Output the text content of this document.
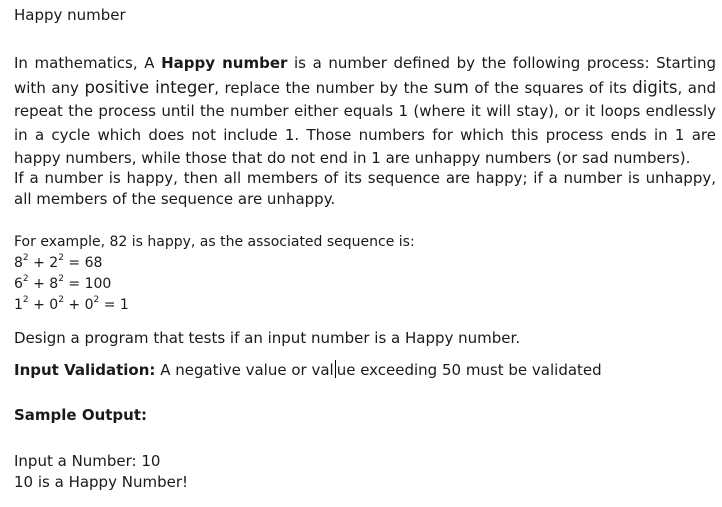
Happy number

In mathematics, A Happy number is a number defined by the following process: Starting with any positive integer, replace the number by the sum of the squares of its digits, and repeat the process until the number either equals 1 (where it will stay), or it loops endlessly in a cycle which does not include 1. Those numbers for which this process ends in 1 are happy numbers, while those that do not end in 1 are unhappy numbers (or sad numbers).

If a number is happy, then all members of its sequence are happy; if a number is unhappy, all members of the sequence are unhappy.

For example, 82 is happy, as the associated sequence is:
$8^2 + 2^2 = 68$
$6^2 + 8^2 = 100$
$1^2 + 0^2 + 0^2 = 1$
Design a program that tests if an input number is a Happy number.
Input Validation: A negative value or val ue exceeding 50 must be validated
Sample Output:
Input a Number: 10
10 is a Happy Number!
